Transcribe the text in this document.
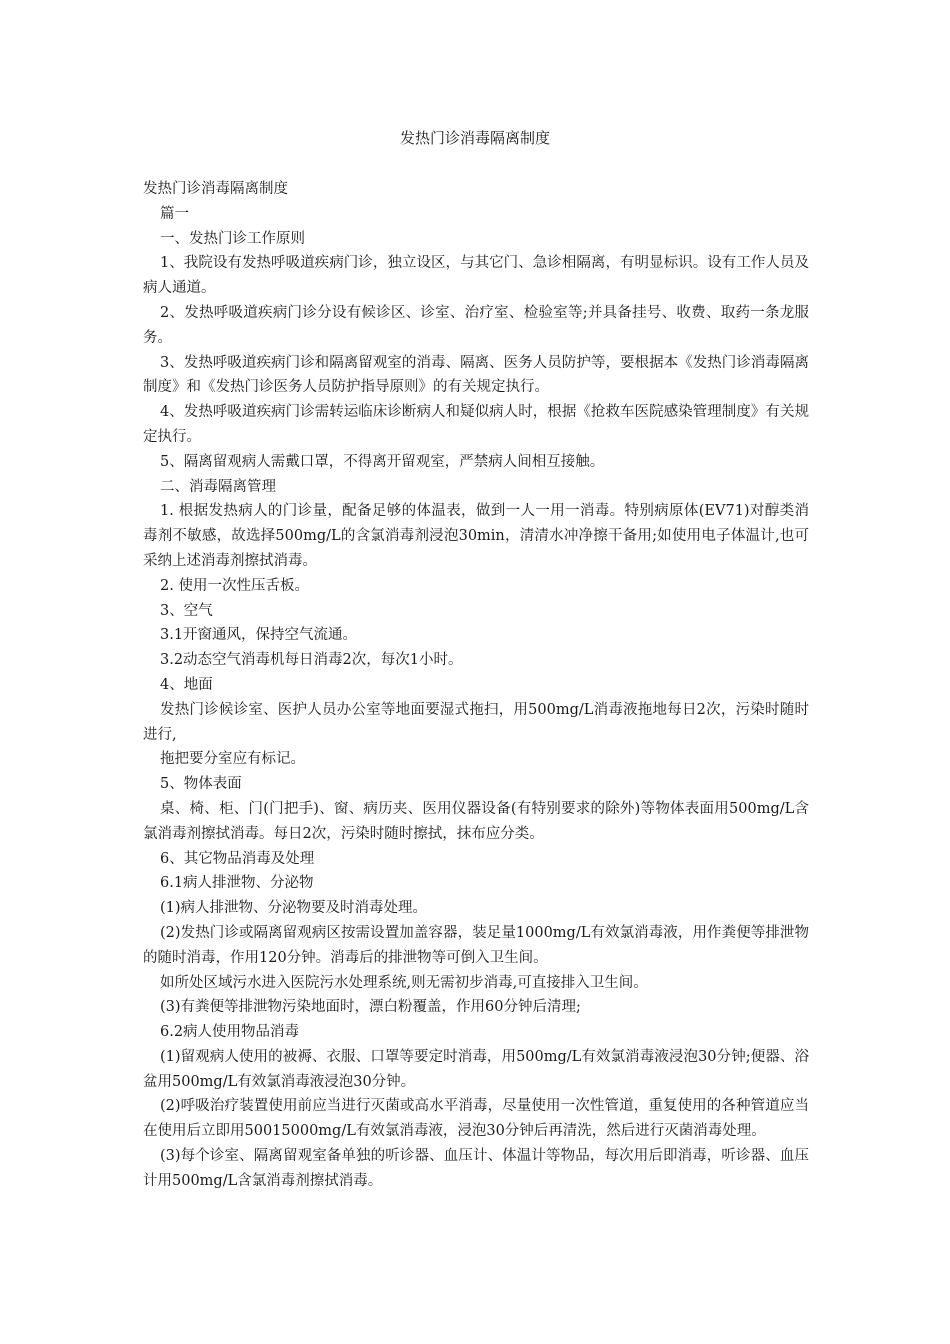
发热门诊消毒隔离制度

发热门诊消毒隔离制度

篇一

一、发热门诊工作原则

1、我院设有发热呼吸道疾病门诊，独立设区，与其它门、急诊相隔离，有明显标识。设有工作人员及病人通道。

2、发热呼吸道疾病门诊分设有候诊区、诊室、治疗室、检验室等;并具备挂号、收费、取药一条龙服务。

3、发热呼吸道疾病门诊和隔离留观室的消毒、隔离、医务人员防护等，要根据本《发热门诊消毒隔离制度》和《发热门诊医务人员防护指导原则》的有关规定执行。

4、发热呼吸道疾病门诊需转运临床诊断病人和疑似病人时，根据《抢救车医院感染管理制度》有关规定执行。

5、隔离留观病人需戴口罩，不得离开留观室，严禁病人间相互接触。

二、消毒隔离管理

1. 根据发热病人的门诊量，配备足够的体温表，做到一人一用一消毒。特别病原体(EV71)对醇类消毒剂不敏感，故选择500mg/L的含氯消毒剂浸泡30min，清清水冲净擦干备用;如使用电子体温计,也可采纳上述消毒剂擦拭消毒。

2. 使用一次性压舌板。

3、空气

3.1开窗通风，保持空气流通。

3.2动态空气消毒机每日消毒2次，每次1小时。

4、地面

发热门诊候诊室、医护人员办公室等地面要湿式拖扫，用500mg/L消毒液拖地每日2次，污染时随时进行,

拖把要分室应有标记。

5、物体表面

桌、椅、柜、门(门把手)、窗、病历夹、医用仪器设备(有特别要求的除外)等物体表面用500mg/L含氯消毒剂擦拭消毒。每日2次，污染时随时擦拭，抹布应分类。

6、其它物品消毒及处理

6.1病人排泄物、分泌物

(1)病人排泄物、分泌物要及时消毒处理。

(2)发热门诊或隔离留观病区按需设置加盖容器，装足量1000mg/L有效氯消毒液，用作粪便等排泄物的随时消毒，作用120分钟。消毒后的排泄物等可倒入卫生间。

如所处区域污水进入医院污水处理系统,则无需初步消毒,可直接排入卫生间。

(3)有粪便等排泄物污染地面时，漂白粉覆盖，作用60分钟后清理;

6.2病人使用物品消毒

(1)留观病人使用的被褥、衣服、口罩等要定时消毒，用500mg/L有效氯消毒液浸泡30分钟;便器、浴盆用500mg/L有效氯消毒液浸泡30分钟。

(2)呼吸治疗装置使用前应当进行灭菌或高水平消毒，尽量使用一次性管道，重复使用的各种管道应当在使用后立即用50015000mg/L有效氯消毒液，浸泡30分钟后再清洗，然后进行灭菌消毒处理。

(3)每个诊室、隔离留观室备单独的听诊器、血压计、体温计等物品，每次用后即消毒，听诊器、血压计用500mg/L含氯消毒剂擦拭消毒。
